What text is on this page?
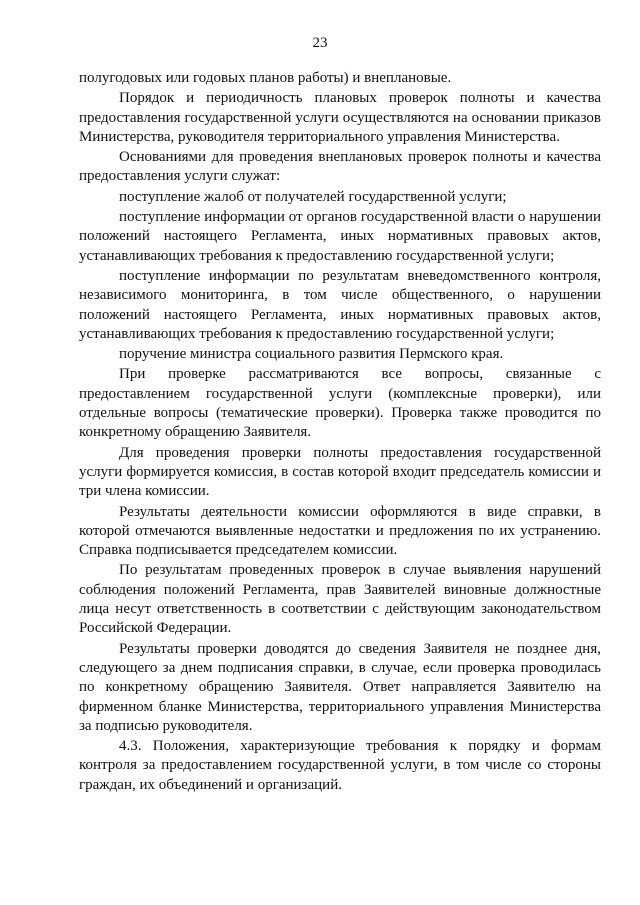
23

полугодовых или годовых планов работы) и внеплановые.

Порядок и периодичность плановых проверок полноты и качества предоставления государственной услуги осуществляются на основании приказов Министерства, руководителя территориального управления Министерства.

Основаниями для проведения внеплановых проверок полноты и качества предоставления услуги служат:

поступление жалоб от получателей государственной услуги;

поступление информации от органов государственной власти о нарушении положений настоящего Регламента, иных нормативных правовых актов, устанавливающих требования к предоставлению государственной услуги;

поступление информации по результатам вневедомственного контроля, независимого мониторинга, в том числе общественного, о нарушении положений настоящего Регламента, иных нормативных правовых актов, устанавливающих требования к предоставлению государственной услуги;

поручение министра социального развития Пермского края.

При проверке рассматриваются все вопросы, связанные с предоставлением государственной услуги (комплексные проверки), или отдельные вопросы (тематические проверки). Проверка также проводится по конкретному обращению Заявителя.

Для проведения проверки полноты предоставления государственной услуги формируется комиссия, в состав которой входит председатель комиссии и три члена комиссии.

Результаты деятельности комиссии оформляются в виде справки, в которой отмечаются выявленные недостатки и предложения по их устранению. Справка подписывается председателем комиссии.

По результатам проведенных проверок в случае выявления нарушений соблюдения положений Регламента, прав Заявителей виновные должностные лица несут ответственность в соответствии с действующим законодательством Российской Федерации.

Результаты проверки доводятся до сведения Заявителя не позднее дня, следующего за днем подписания справки, в случае, если проверка проводилась по конкретному обращению Заявителя. Ответ направляется Заявителю на фирменном бланке Министерства, территориального управления Министерства за подписью руководителя.

4.3. Положения, характеризующие требования к порядку и формам контроля за предоставлением государственной услуги, в том числе со стороны граждан, их объединений и организаций.
